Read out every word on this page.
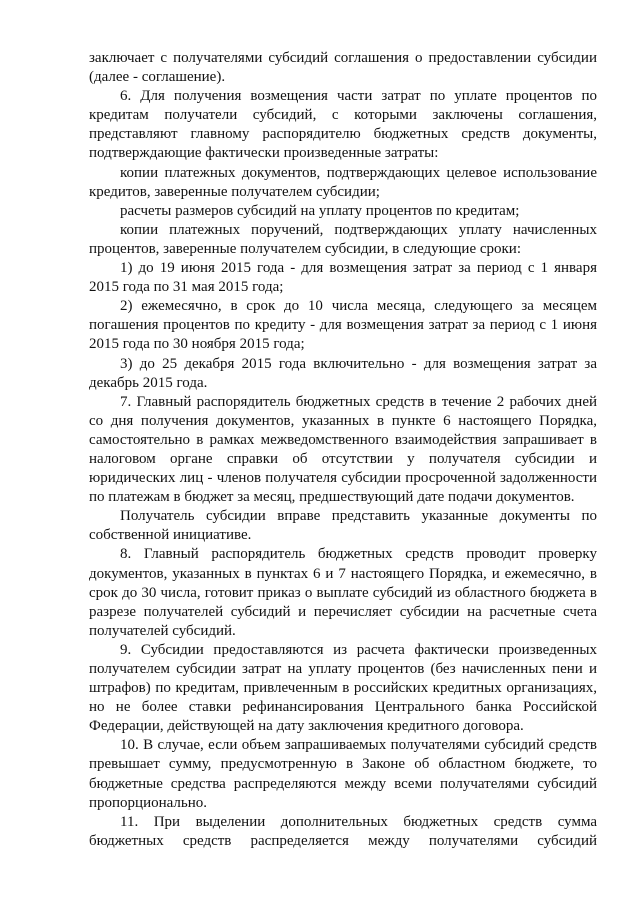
заключает с получателями субсидий соглашения о предоставлении субсидии (далее - соглашение).

6. Для получения возмещения части затрат по уплате процентов по кредитам получатели субсидий, с которыми заключены соглашения, представляют главному распорядителю бюджетных средств документы, подтверждающие фактически произведенные затраты:

копии платежных документов, подтверждающих целевое использование кредитов, заверенные получателем субсидии;

расчеты размеров субсидий на уплату процентов по кредитам;

копии платежных поручений, подтверждающих уплату начисленных процентов, заверенные получателем субсидии, в следующие сроки:

1) до 19 июня 2015 года - для возмещения затрат за период с 1 января 2015 года по 31 мая 2015 года;

2) ежемесячно, в срок до 10 числа месяца, следующего за месяцем погашения процентов по кредиту - для возмещения затрат за период с 1 июня 2015 года по 30 ноября 2015 года;

3) до 25 декабря 2015 года включительно - для возмещения затрат за декабрь 2015 года.

7. Главный распорядитель бюджетных средств в течение 2 рабочих дней со дня получения документов, указанных в пункте 6 настоящего Порядка, самостоятельно в рамках межведомственного взаимодействия запрашивает в налоговом органе справки об отсутствии у получателя субсидии и юридических лиц - членов получателя субсидии просроченной задолженности по платежам в бюджет за месяц, предшествующий дате подачи документов.

Получатель субсидии вправе представить указанные документы по собственной инициативе.

8. Главный распорядитель бюджетных средств проводит проверку документов, указанных в пунктах 6 и 7 настоящего Порядка, и ежемесячно, в срок до 30 числа, готовит приказ о выплате субсидий из областного бюджета в разрезе получателей субсидий и перечисляет субсидии на расчетные счета получателей субсидий.

9. Субсидии предоставляются из расчета фактически произведенных получателем субсидии затрат на уплату процентов (без начисленных пени и штрафов) по кредитам, привлеченным в российских кредитных организациях, но не более ставки рефинансирования Центрального банка Российской Федерации, действующей на дату заключения кредитного договора.

10. В случае, если объем запрашиваемых получателями субсидий средств превышает сумму, предусмотренную в Законе об областном бюджете, то бюджетные средства распределяются между всеми получателями субсидий пропорционально.

11. При выделении дополнительных бюджетных средств сумма бюджетных средств распределяется между получателями субсидий
